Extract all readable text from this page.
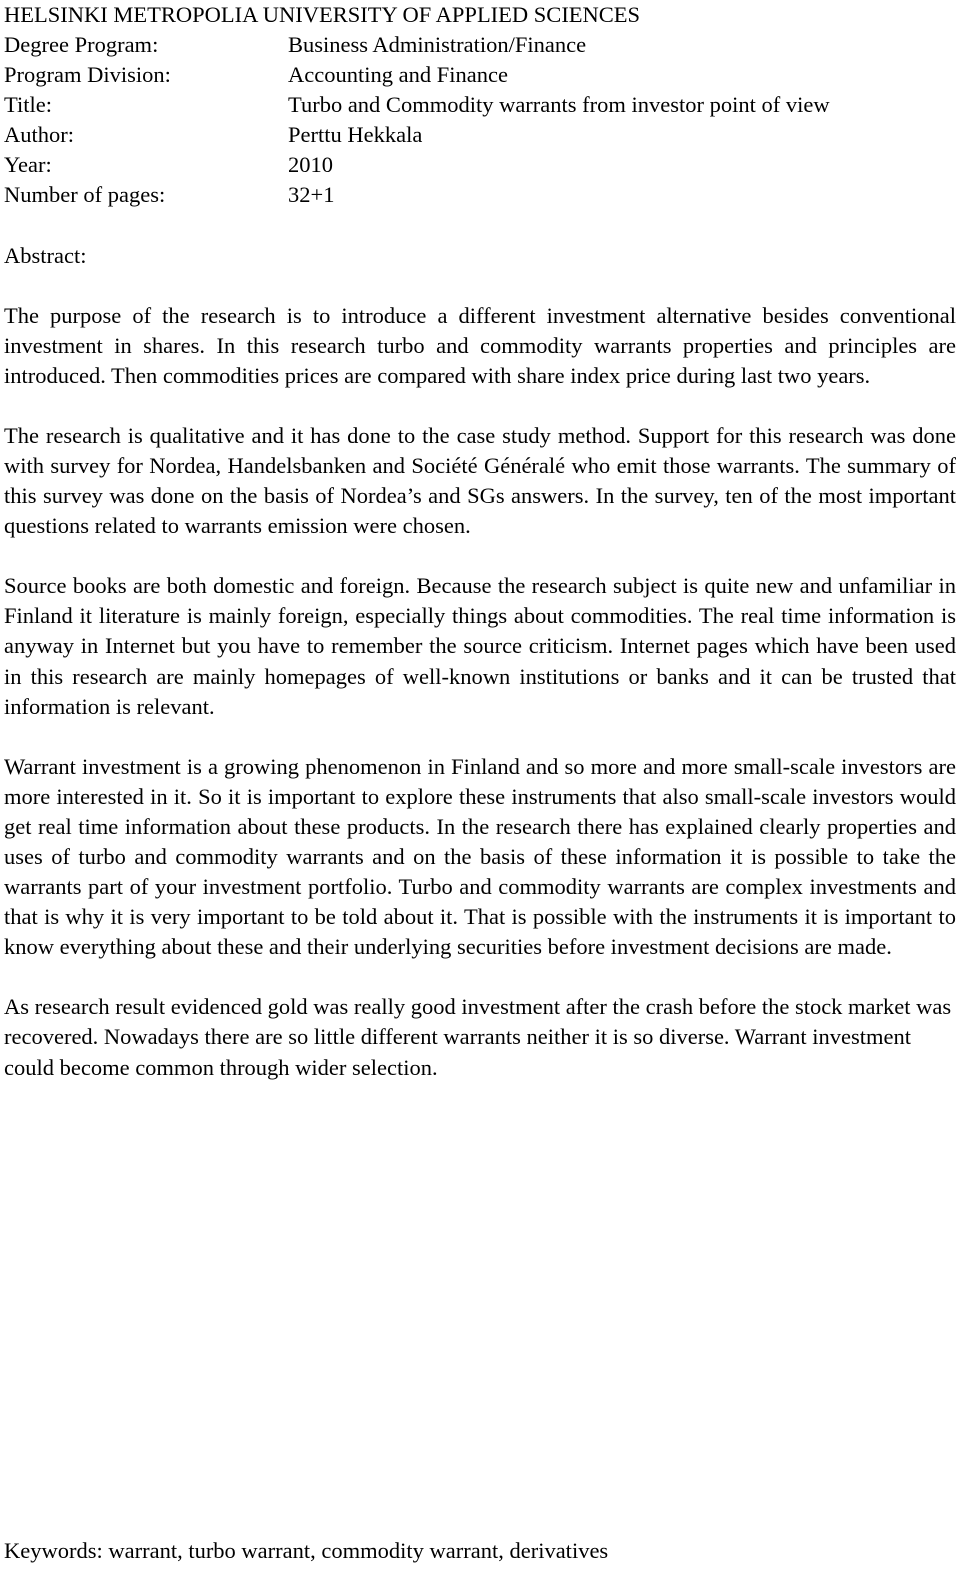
HELSINKI METROPOLIA UNIVERSITY OF APPLIED SCIENCES
Degree Program:	Business Administration/Finance
Program Division:	Accounting and Finance
Title:	Turbo and Commodity warrants from investor point of view
Author:	Perttu Hekkala
Year:	2010
Number of pages:	32+1
Abstract:

The purpose of the research is to introduce a different investment alternative besides conventional investment in shares. In this research turbo and commodity warrants properties and principles are introduced. Then commodities prices are compared with share index price during last two years.

The research is qualitative and it has done to the case study method. Support for this research was done with survey for Nordea, Handelsbanken and Société Généralé who emit those warrants. The summary of this survey was done on the basis of Nordea’s and SGs answers. In the survey, ten of the most important questions related to warrants emission were chosen.

Source books are both domestic and foreign. Because the research subject is quite new and unfamiliar in Finland it literature is mainly foreign, especially things about commodities. The real time information is anyway in Internet but you have to remember the source criticism. Internet pages which have been used in this research are mainly homepages of well-known institutions or banks and it can be trusted that information is relevant.

Warrant investment is a growing phenomenon in Finland and so more and more small-scale investors are more interested in it. So it is important to explore these instruments that also small-scale investors would get real time information about these products. In the research there has explained clearly properties and uses of turbo and commodity warrants and on the basis of these information it is possible to take the warrants part of your investment portfolio. Turbo and commodity warrants are complex investments and that is why it is very important to be told about it. That is possible with the instruments it is important to know everything about these and their underlying securities before investment decisions are made.

As research result evidenced gold was really good investment after the crash before the stock market was recovered. Nowadays there are so little different warrants neither it is so diverse. Warrant investment could become common through wider selection.

Keywords: warrant, turbo warrant, commodity warrant, derivatives
